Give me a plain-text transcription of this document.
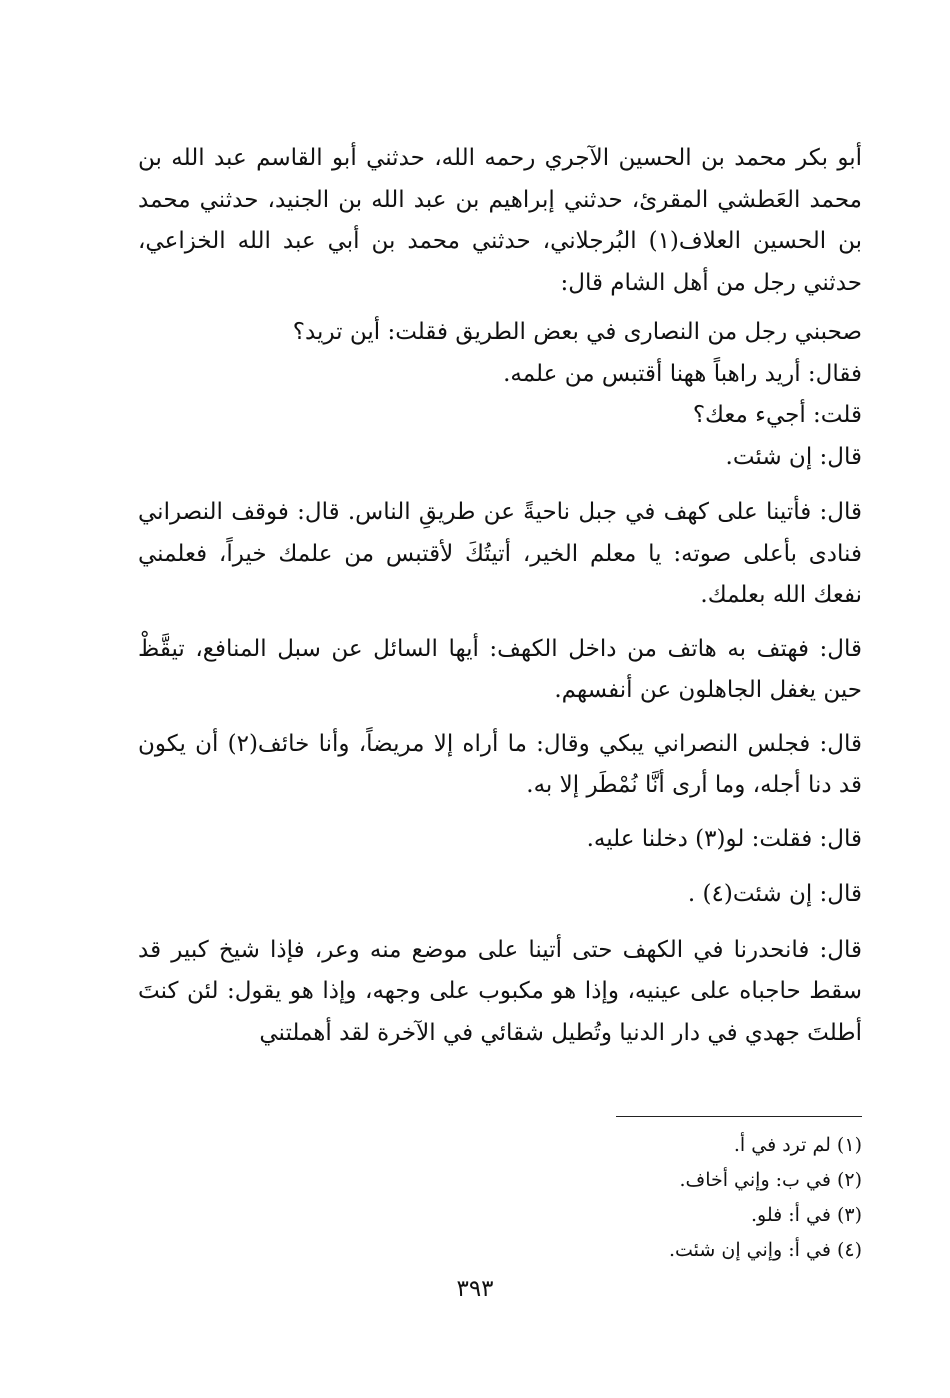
أبو بكر محمد بن الحسين الآجري رحمه الله، حدثني أبو القاسم عبد الله بن محمد العَطشي المقرئ، حدثني إبراهيم بن عبد الله بن الجنيد، حدثني محمد بن الحسين العلاف(١) البُرجلاني، حدثني محمد بن أبي عبد الله الخزاعي، حدثني رجل من أهل الشام قال:

صحبني رجل من النصارى في بعض الطريق فقلت: أين تريد؟

فقال: أريد راهباً ههنا أقتبس من علمه.

قلت: أجيء معك؟

قال: إن شئت.

قال: فأتينا على كهف في جبل ناحيةً عن طريقِ الناس. قال: فوقف النصراني فنادى بأعلى صوته: يا معلم الخير، أتيتُكَ لأقتبس من علمك خيراً، فعلمني نفعك الله بعلمك.

قال: فهتف به هاتف من داخل الكهف: أيها السائل عن سبل المنافع، تيقَّظْ حين يغفل الجاهلون عن أنفسهم.

قال: فجلس النصراني يبكي وقال: ما أراه إلا مريضاً، وأنا خائف(٢) أن يكون قد دنا أجله، وما أرى أنَّا نُمْطَر إلا به.

قال: فقلت: لو(٣) دخلنا عليه.

قال: إن شئت(٤) .

قال: فانحدرنا في الكهف حتى أتينا على موضع منه وعر، فإذا شيخ كبير قد سقط حاجباه على عينيه، وإذا هو مكبوب على وجهه، وإذا هو يقول: لئن كنتَ أطلتَ جهدي في دار الدنيا وتُطيل شقائي في الآخرة لقد أهملتني

(١) لم ترد في أ.

(٢) في ب: وإني أخاف.

(٣) في أ: فلو.

(٤) في أ: وإني إن شئت.

٣٩٣
